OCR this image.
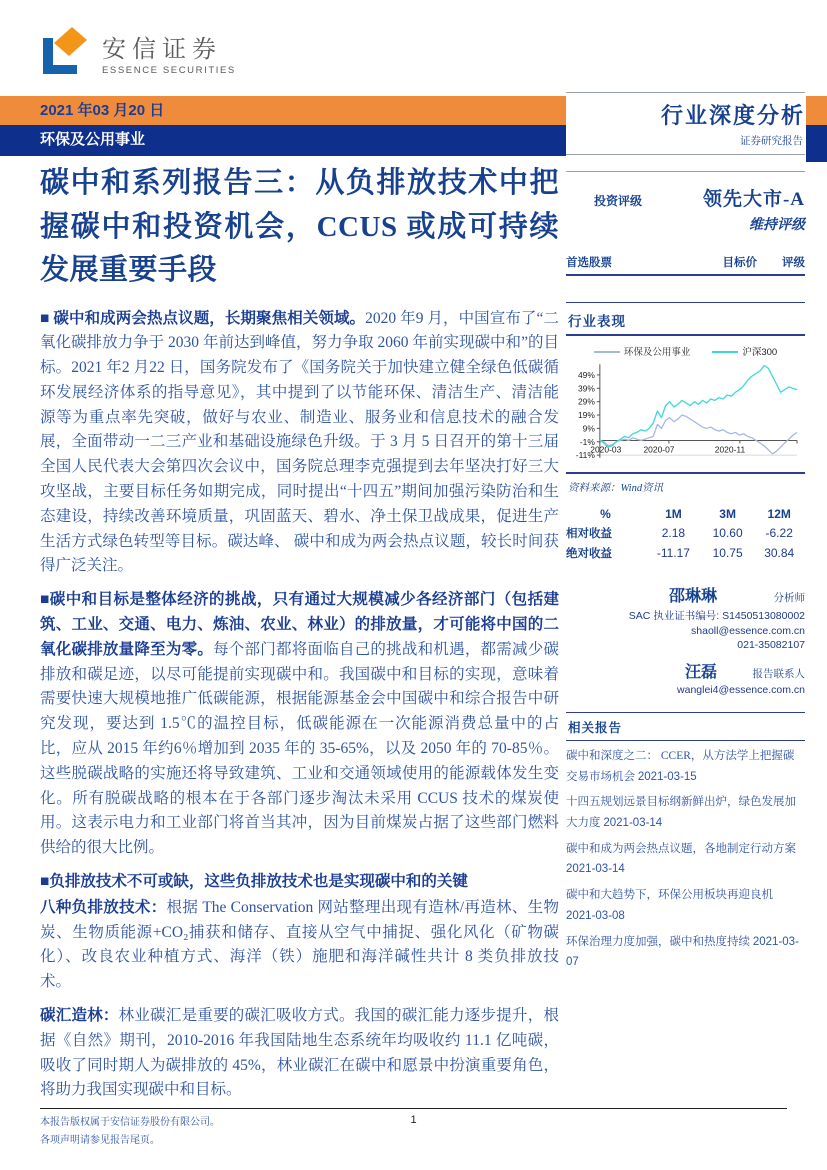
安信证券
ESSENCE SECURITIES
2021 年03 月20 日
环保及公用事业
碳中和系列报告三：从负排放技术中把握碳中和投资机会，CCUS 或成可持续发展重要手段

■ 碳中和成两会热点议题，长期聚焦相关领域。2020 年9 月，中国宣布了“二氧化碳排放力争于 2030 年前达到峰值，努力争取 2060 年前实现碳中和”的目标。2021 年2 月22 日，国务院发布了《国务院关于加快建立健全绿色低碳循环发展经济体系的指导意见》，其中提到了以节能环保、清洁生产、清洁能源等为重点率先突破，做好与农业、制造业、服务业和信息技术的融合发展，全面带动一二三产业和基础设施绿色升级。于 3 月 5 日召开的第十三届全国人民代表大会第四次会议中，国务院总理李克强提到去年坚决打好三大攻坚战，主要目标任务如期完成，同时提出“十四五”期间加强污染防治和生态建设，持续改善环境质量，巩固蓝天、碧水、净土保卫战成果，促进生产生活方式绿色转型等目标。碳达峰、 碳中和成为两会热点议题，较长时间获得广泛关注。

■碳中和目标是整体经济的挑战，只有通过大规模减少各经济部门（包括建筑、工业、交通、电力、炼油、农业、林业）的排放量，才可能将中国的二氧化碳排放量降至为零。每个部门都将面临自己的挑战和机遇，都需减少碳排放和碳足迹，以尽可能提前实现碳中和。我国碳中和目标的实现，意味着需要快速大规模地推广低碳能源，根据能源基金会中国碳中和综合报告中研究发现，要达到 1.5℃的温控目标，低碳能源在一次能源消费总量中的占比，应从 2015 年约6％增加到 2035 年的 35-65%，以及 2050 年的 70-85％。这些脱碳战略的实施还将导致建筑、工业和交通领域使用的能源载体发生变化。所有脱碳战略的根本在于各部门逐步淘汰未采用 CCUS 技术的煤炭使用。这表示电力和工业部门将首当其冲，因为目前煤炭占据了这些部门燃料供给的很大比例。

■负排放技术不可或缺，这些负排放技术也是实现碳中和的关键

八种负排放技术：根据 The Conservation 网站整理出现有造林/再造林、生物炭、生物质能源+CO₂捕获和储存、直接从空气中捕捉、强化风化（矿物碳化）、改良农业种植方式、海洋（铁）施肥和海洋碱性共计 8 类负排放技术。

碳汇造林：林业碳汇是重要的碳汇吸收方式。我国的碳汇能力逐步提升，根据《自然》期刊，2010-2016 年我国陆地生态系统年均吸收约 11.1 亿吨碳，吸收了同时期人为碳排放的 45%，林业碳汇在碳中和愿景中扮演重要角色，将助力我国实现碳中和目标。

行业深度分析
证券研究报告
投资评级	领先大市-A
维持评级
首选股票	目标价	评级
行业表现
环保及公用事业	沪深300
49%
39%
29%
19%
9%
-1%
-11%
2020-03	2020-07	2020-11
资料来源：Wind资讯
%	1M	3M	12M
相对收益	2.18	10.60	-6.22
绝对收益	-11.17	10.75	30.84
邵琳琳	分析师
SAC 执业证书编号: S1450513080002
shaoll@essence.com.cn
021-35082107
汪磊	报告联系人
wanglei4@essence.com.cn
相关报告
碳中和深度之二： CCER，从方法学上把握碳交易市场机会 2021-03-15
十四五规划远景目标纲新鲜出炉，绿色发展加大力度 2021-03-14
碳中和成为两会热点议题，各地制定行动方案 2021-03-14
碳中和大趋势下，环保公用板块再迎良机 2021-03-08
环保治理力度加强，碳中和热度持续 2021-03-07
本报告版权属于安信证券股份有限公司。
各项声明请参见报告尾页。
1
